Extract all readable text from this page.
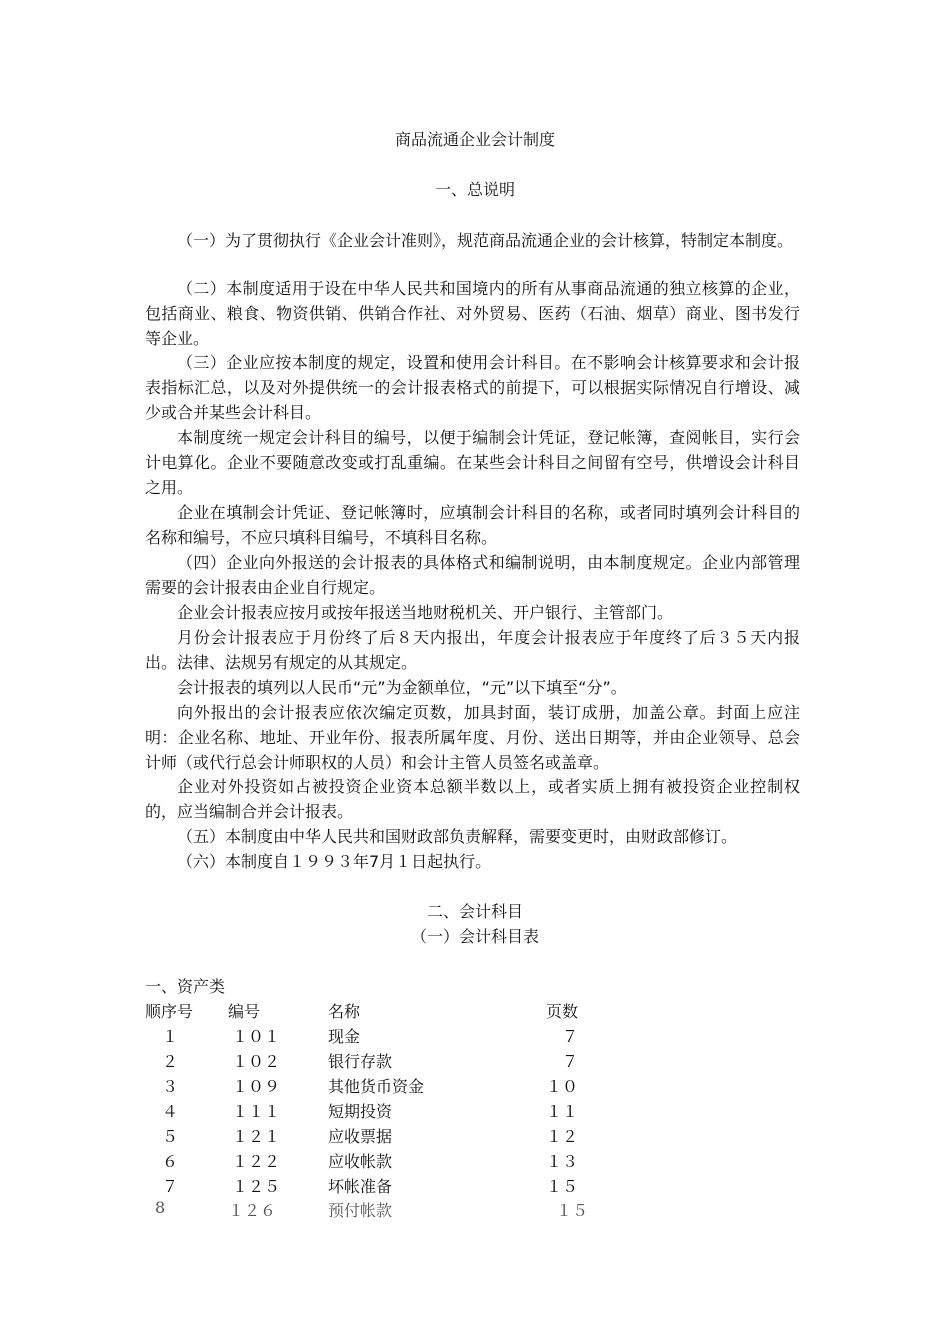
商品流通企业会计制度
一、总说明
（一）为了贯彻执行《企业会计准则》，规范商品流通企业的会计核算，特制定本制度。
（二）本制度适用于设在中华人民共和国境内的所有从事商品流通的独立核算的企业，包括商业、粮食、物资供销、供销合作社、对外贸易、医药（石油、烟草）商业、图书发行等企业。
（三）企业应按本制度的规定，设置和使用会计科目。在不影响会计核算要求和会计报表指标汇总，以及对外提供统一的会计报表格式的前提下，可以根据实际情况自行增设、减少或合并某些会计科目。
本制度统一规定会计科目的编号，以便于编制会计凭证，登记帐簿，查阅帐目，实行会计电算化。企业不要随意改变或打乱重编。在某些会计科目之间留有空号，供增设会计科目之用。
企业在填制会计凭证、登记帐簿时，应填制会计科目的名称，或者同时填列会计科目的名称和编号，不应只填科目编号，不填科目名称。
（四）企业向外报送的会计报表的具体格式和编制说明，由本制度规定。企业内部管理需要的会计报表由企业自行规定。
企业会计报表应按月或按年报送当地财税机关、开户银行、主管部门。
月份会计报表应于月份终了后８天内报出，年度会计报表应于年度终了后３５天内报出。法律、法规另有规定的从其规定。
会计报表的填列以人民币“元”为金额单位，“元”以下填至“分”。
向外报出的会计报表应依次编定页数，加具封面，装订成册，加盖公章。封面上应注明：企业名称、地址、开业年份、报表所属年度、月份、送出日期等，并由企业领导、总会计师（或代行总会计师职权的人员）和会计主管人员签名或盖章。
企业对外投资如占被投资企业资本总额半数以上，或者实质上拥有被投资企业控制权的，应当编制合并会计报表。
（五）本制度由中华人民共和国财政部负责解释，需要变更时，由财政部修订。
（六）本制度自１９９３年7月１日起执行。
二、会计科目
（一）会计科目表
一、资产类
顺序号 编号	名称	页数
１	１０１	现金	７
２	１０２	银行存款	７
３	１０９	其他货币资金	１０
４	１１１	短期投资	１１
５	１２１	应收票据	１２
６	１２２	应收帐款	１３
７	１２５	坏帐准备	１５
8	１２６	预付帐款	１５
